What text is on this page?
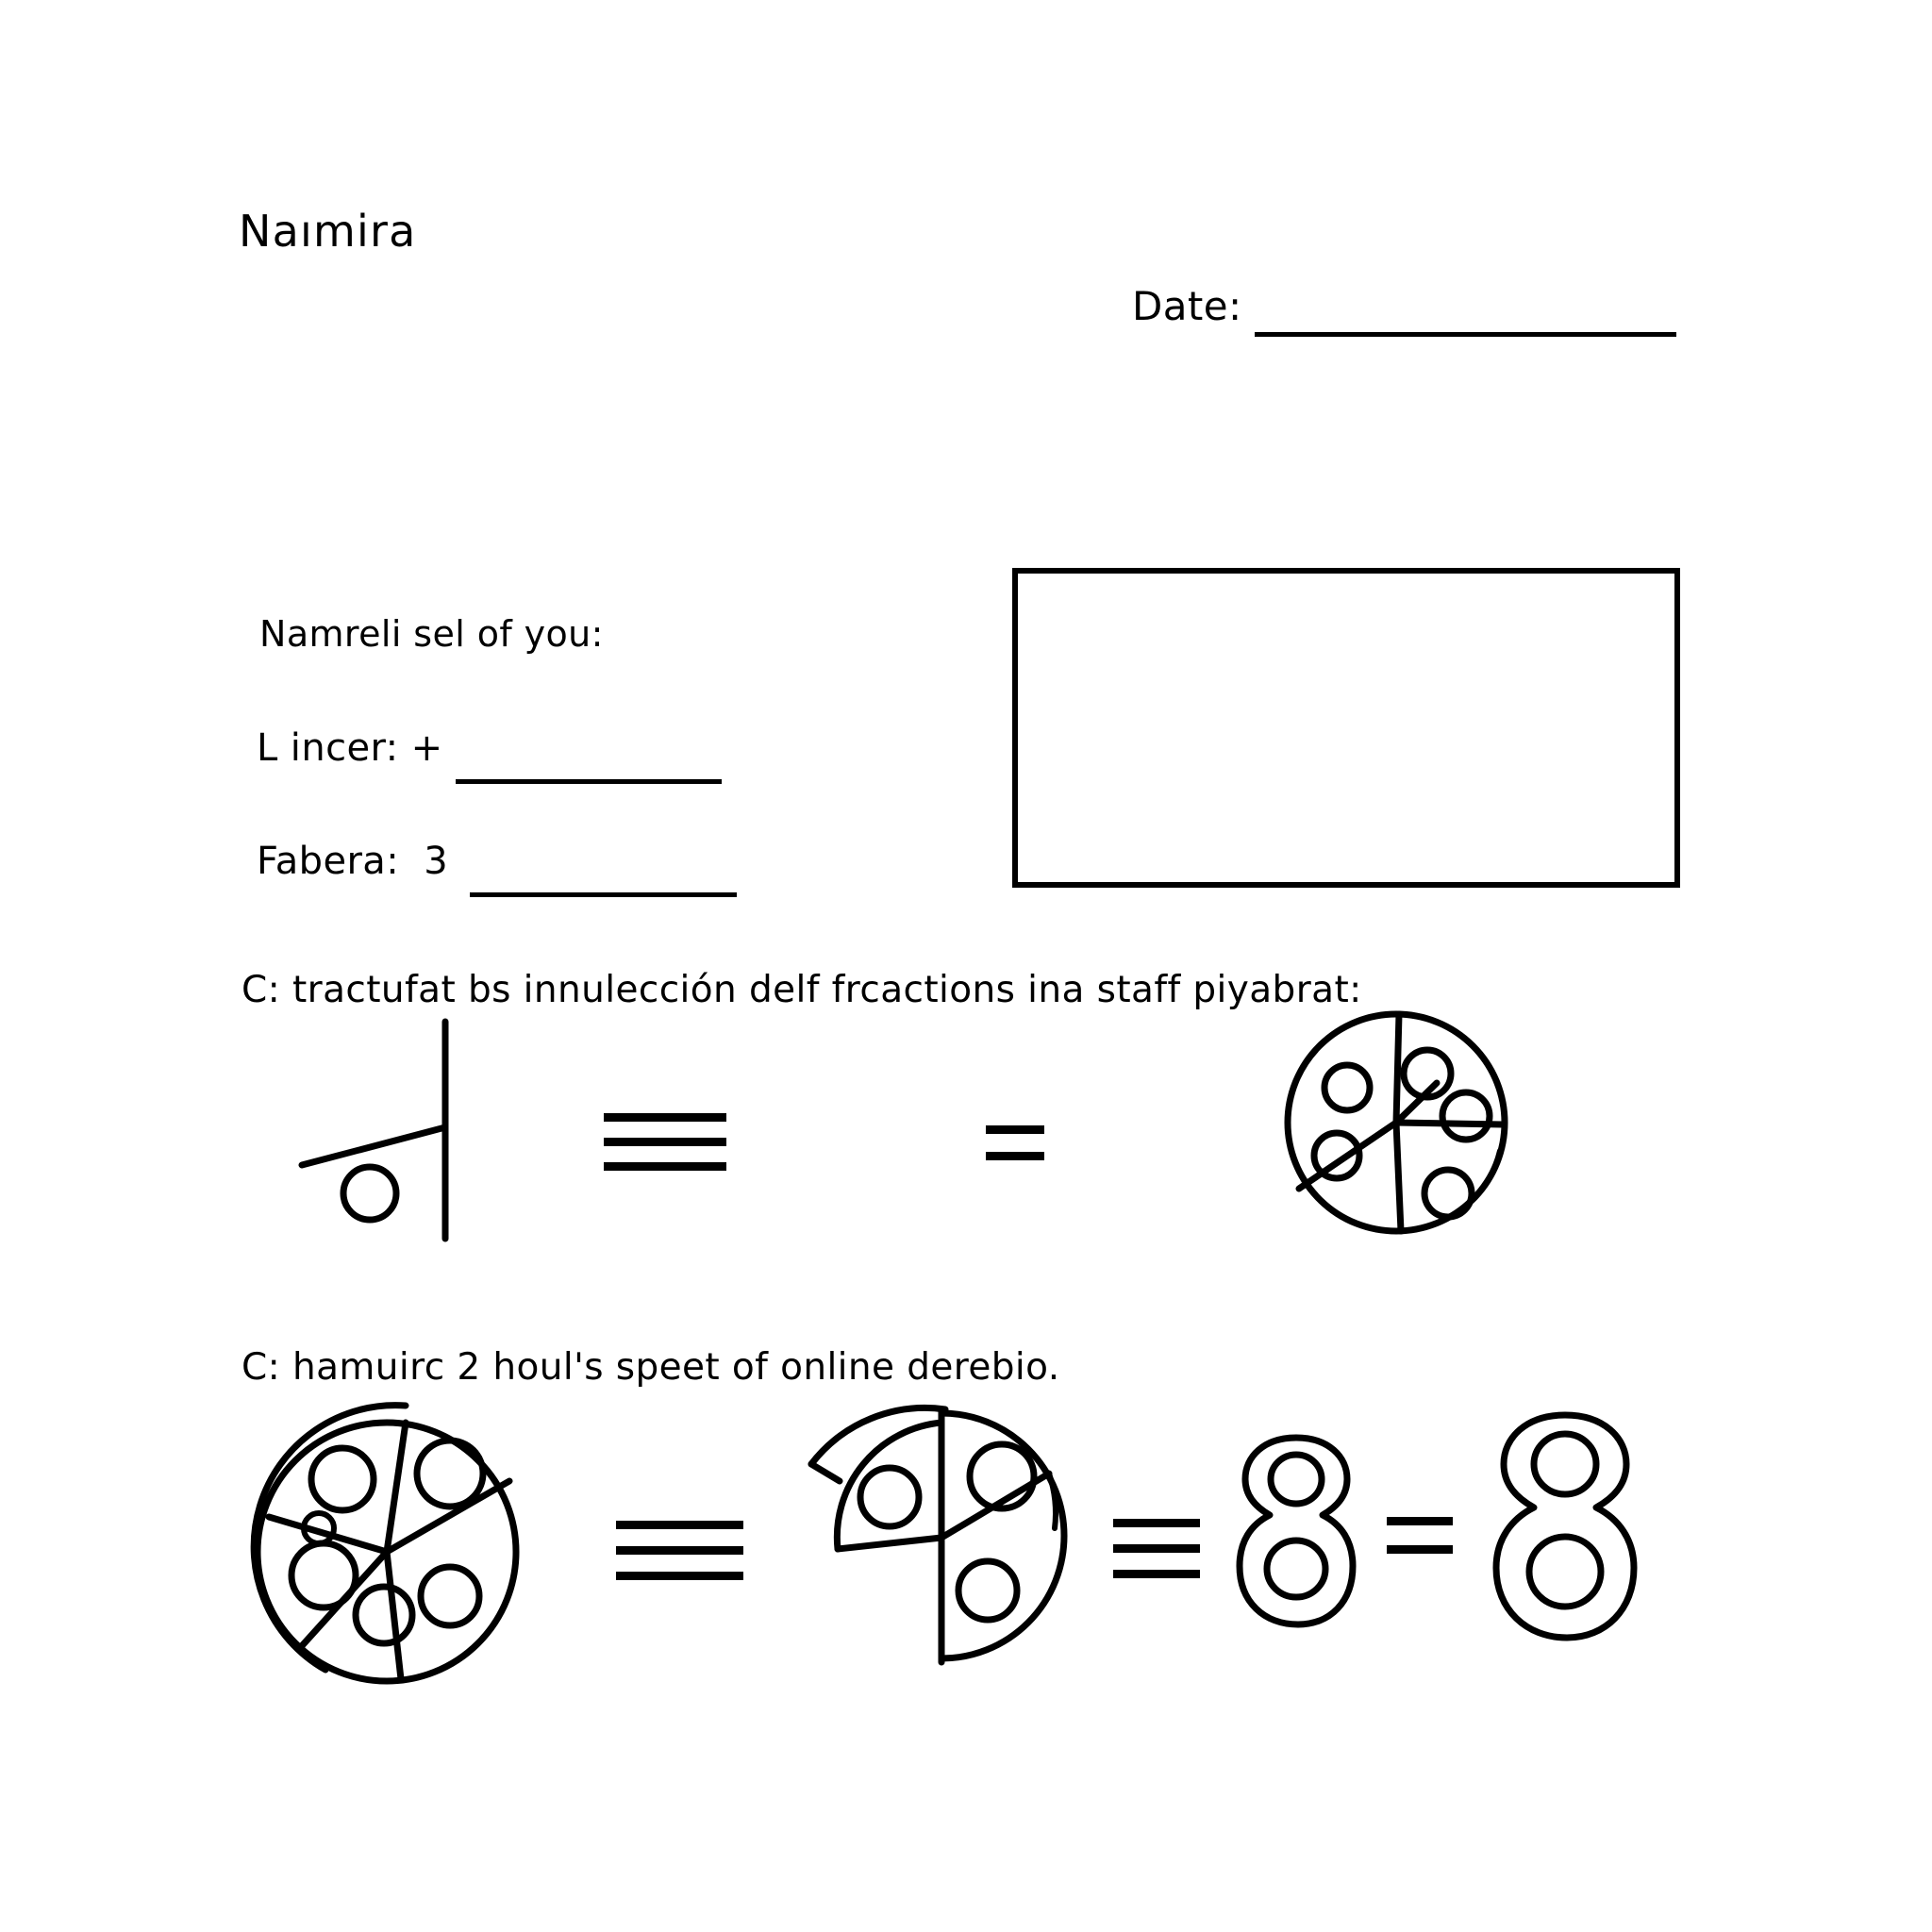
Naımira
Date:
Namreli sel of you:
L incer: +
Fabera:  3
C: tractufat bs innulección delf frcactions ina staff pіyabrat:
C: hamuirc 2 houl's speet of online derebio.
